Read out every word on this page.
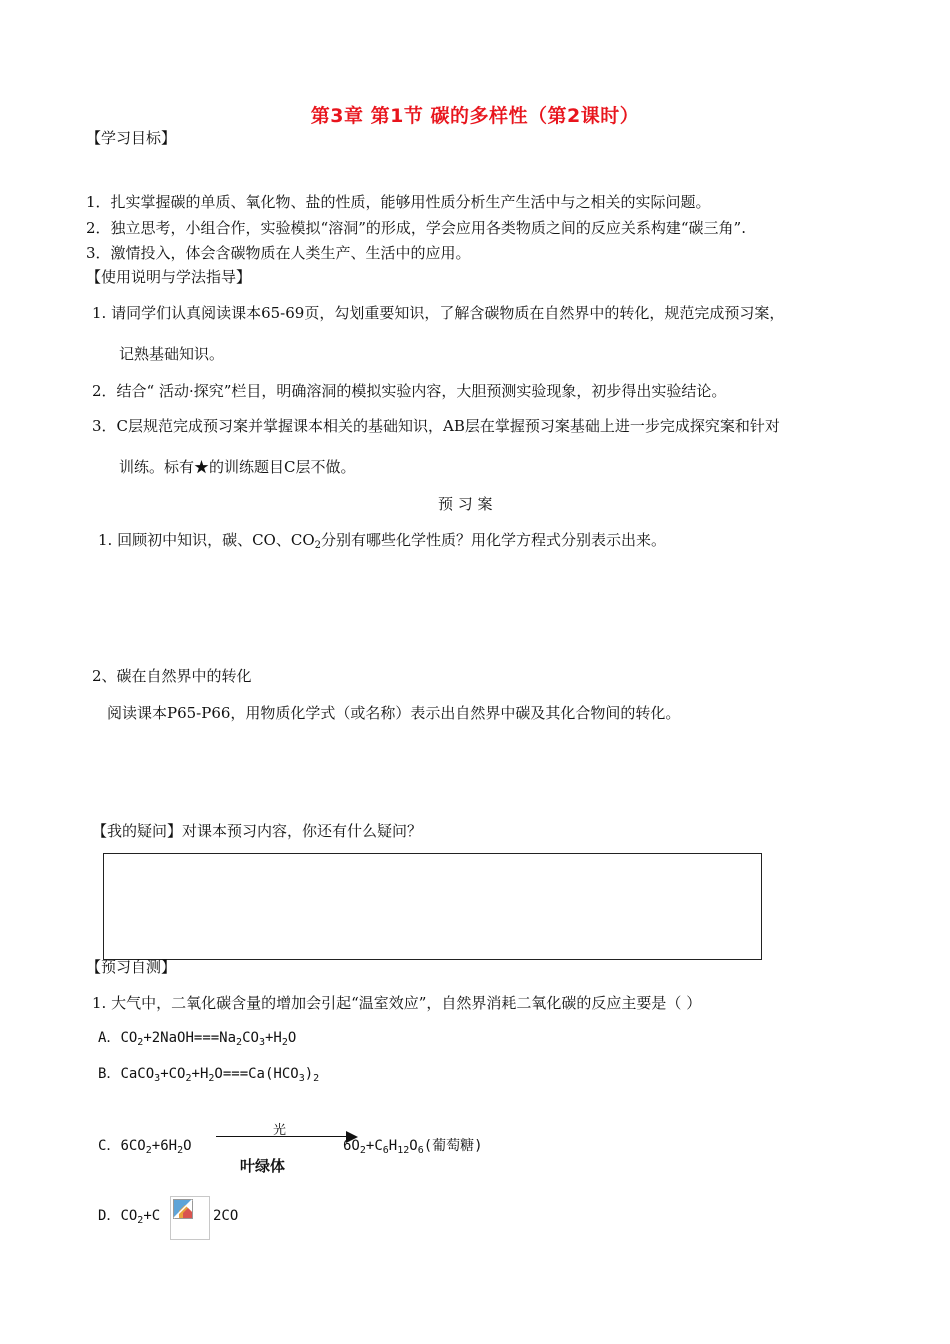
第3章 第1节 碳的多样性（第2课时）
【学习目标】
1．扎实掌握碳的单质、氧化物、盐的性质，能够用性质分析生产生活中与之相关的实际问题。
2．独立思考，小组合作，实验模拟“溶洞”的形成，学会应用各类物质之间的反应关系构建“碳三角”.
3．激情投入，体会含碳物质在人类生产、生活中的应用。
【使用说明与学法指导】
1. 请同学们认真阅读课本65-69页，勾划重要知识，了解含碳物质在自然界中的转化，规范完成预习案，
记熟基础知识。
2．结合“ 活动·探究”栏目，明确溶洞的模拟实验内容，大胆预测实验现象，初步得出实验结论。
3．C层规范完成预习案并掌握课本相关的基础知识，AB层在掌握预习案基础上进一步完成探究案和针对
训练。标有★的训练题目C层不做。
预 习 案
1. 回顾初中知识，碳、CO、$CO_2$分别有哪些化学性质？用化学方程式分别表示出来。
2、碳在自然界中的转化
阅读课本P65-P66，用物质化学式（或名称）表示出自然界中碳及其化合物间的转化。
【我的疑问】对课本预习内容，你还有什么疑问？
【预习自测】
1. 大气中，二氧化碳含量的增加会引起“温室效应”，自然界消耗二氧化碳的反应主要是（ ）
A．$CO_2+2NaOH===Na_2CO_3+H_2O$
B．$CaCO_3+CO_2+H_2O===Ca(HCO_3)_2$
C．$6CO_2+6H_2O$
光
叶绿体
$6O_2+C_6H_{12}O_6$(葡萄糖)
D．$CO_2+C$	2CO
